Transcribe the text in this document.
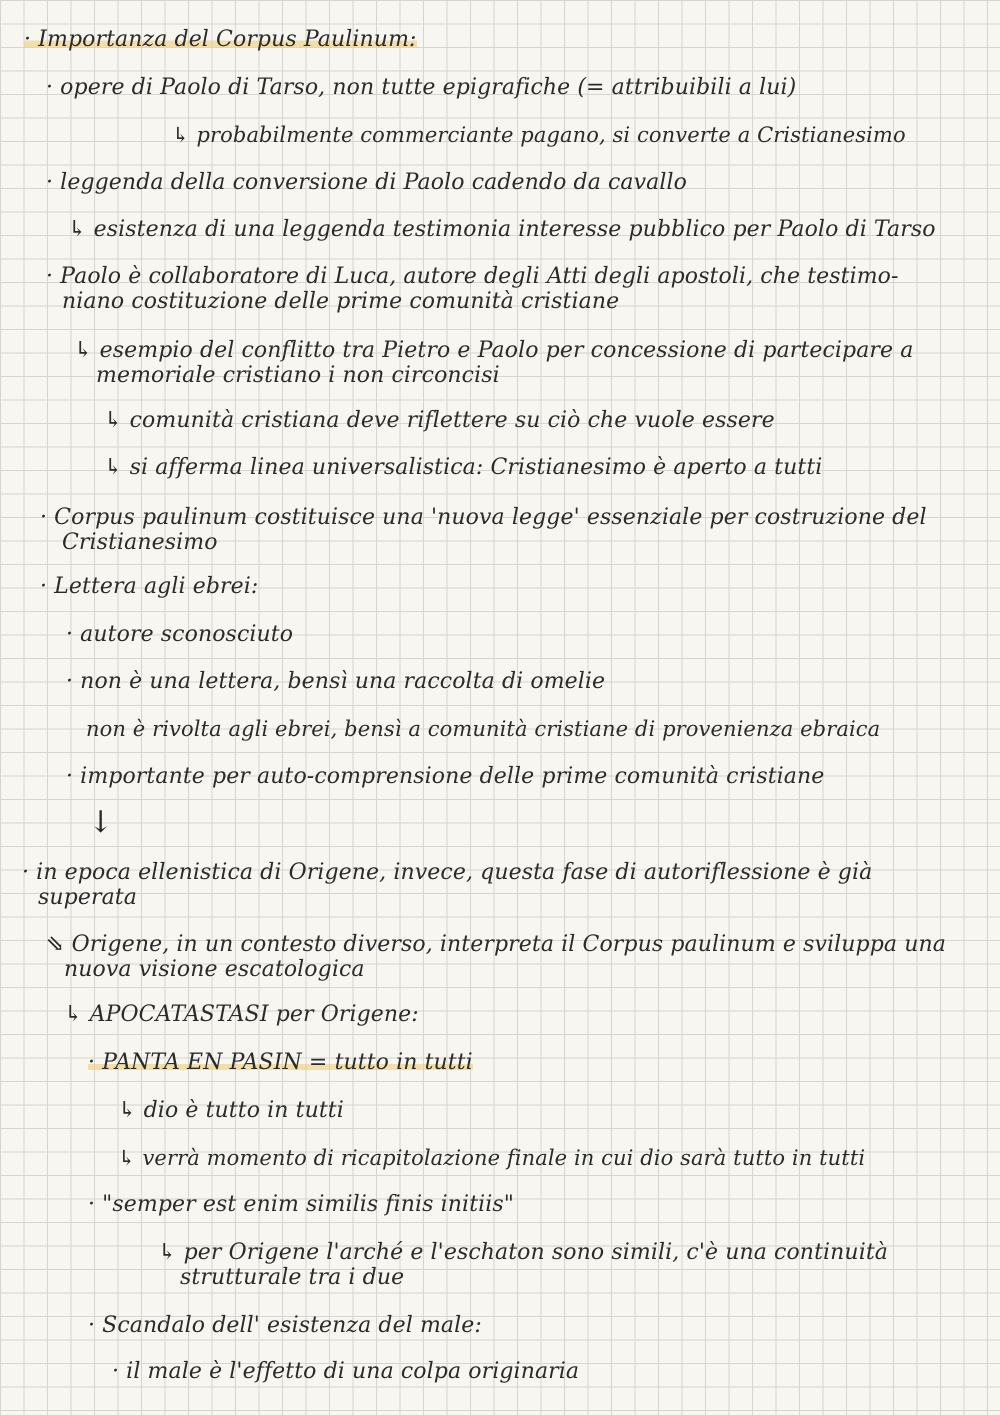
· Importanza del Corpus Paulinum:
· opere di Paolo di Tarso, non tutte epigrafiche (= attribuibili a lui)
↳ probabilmente commerciante pagano, si converte a Cristianesimo
· leggenda della conversione di Paolo cadendo da cavallo
↳ esistenza di una leggenda testimonia interesse pubblico per Paolo di Tarso
· Paolo è collaboratore di Luca, autore degli Atti degli apostoli, che testimo-
niano costituzione delle prime comunità cristiane
↳ esempio del conflitto tra Pietro e Paolo per concessione di partecipare a
memoriale cristiano i non circoncisi
↳ comunità cristiana deve riflettere su ciò che vuole essere
↳ si afferma linea universalistica: Cristianesimo è aperto a tutti
· Corpus paulinum costituisce una 'nuova legge' essenziale per costruzione del
Cristianesimo
· Lettera agli ebrei:
· autore sconosciuto
· non è una lettera, bensì una raccolta di omelie
non è rivolta agli ebrei, bensì a comunità cristiane di provenienza ebraica
· importante per auto-comprensione delle prime comunità cristiane
↓
· in epoca ellenistica di Origene, invece, questa fase di autoriflessione è già
superata
⇘ Origene, in un contesto diverso, interpreta il Corpus paulinum e sviluppa una
nuova visione escatologica
↳ APOCATASTASI per Origene:
· PANTA EN PASIN = tutto in tutti
↳ dio è tutto in tutti
↳ verrà momento di ricapitolazione finale in cui dio sarà tutto in tutti
· "semper est enim similis finis initiis"
↳ per Origene l'arché e l'eschaton sono simili, c'è una continuità
strutturale tra i due
· Scandalo dell' esistenza del male:
· il male è l'effetto di una colpa originaria
